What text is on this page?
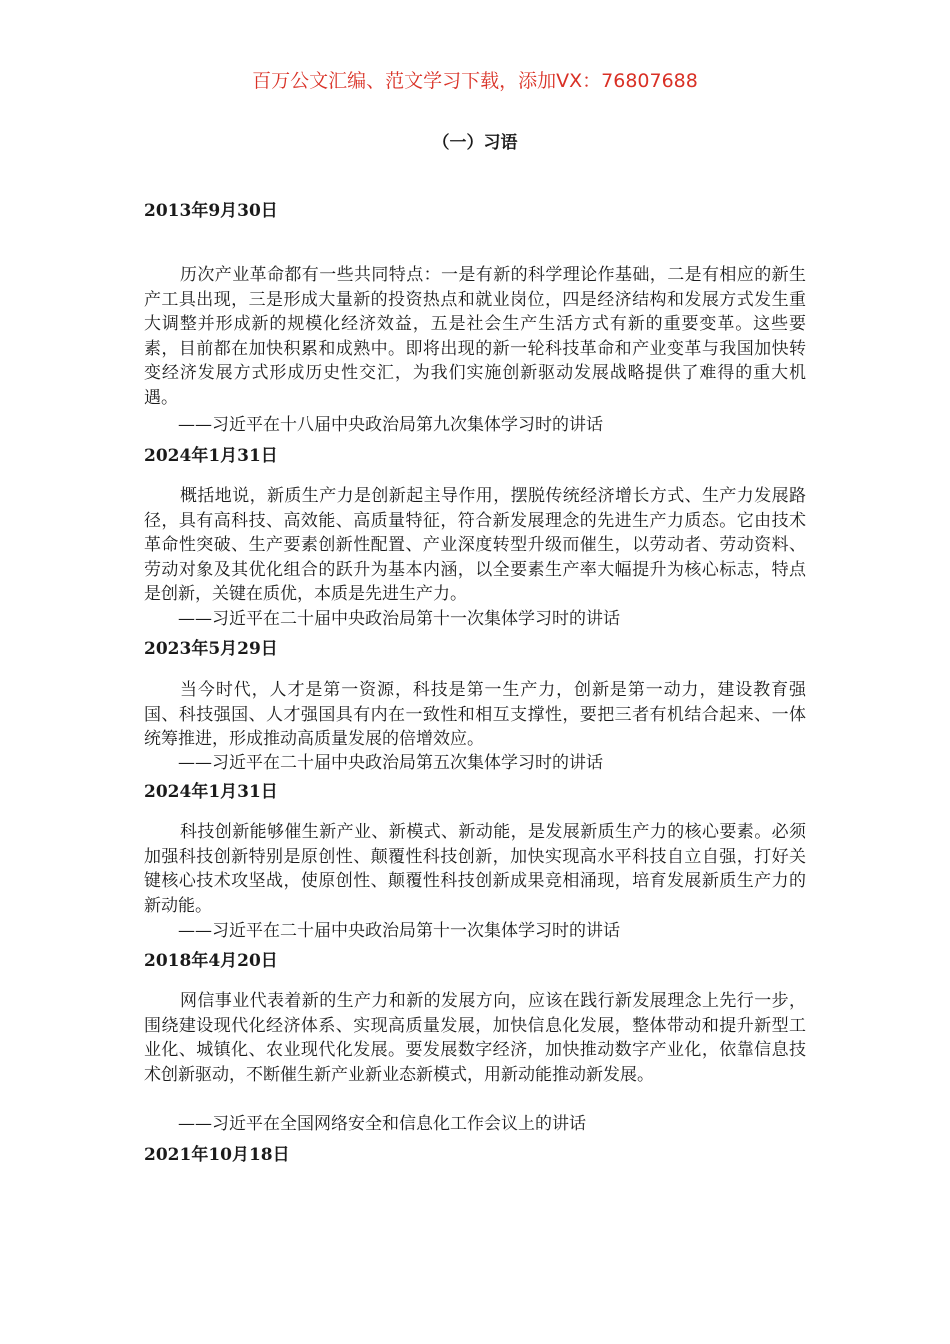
百万公文汇编、范文学习下载，添加VX：76807688
（一）习语
2013年9月30日

历次产业革命都有一些共同特点：一是有新的科学理论作基础，二是有相应的新生产工具出现，三是形成大量新的投资热点和就业岗位，四是经济结构和发展方式发生重大调整并形成新的规模化经济效益，五是社会生产生活方式有新的重要变革。这些要素，目前都在加快积累和成熟中。即将出现的新一轮科技革命和产业变革与我国加快转变经济发展方式形成历史性交汇，为我们实施创新驱动发展战略提供了难得的重大机遇。

——习近平在十八届中央政治局第九次集体学习时的讲话
2024年1月31日

概括地说，新质生产力是创新起主导作用，摆脱传统经济增长方式、生产力发展路径，具有高科技、高效能、高质量特征，符合新发展理念的先进生产力质态。它由技术革命性突破、生产要素创新性配置、产业深度转型升级而催生，以劳动者、劳动资料、劳动对象及其优化组合的跃升为基本内涵，以全要素生产率大幅提升为核心标志，特点是创新，关键在质优，本质是先进生产力。

——习近平在二十届中央政治局第十一次集体学习时的讲话
2023年5月29日

当今时代，人才是第一资源，科技是第一生产力，创新是第一动力，建设教育强国、科技强国、人才强国具有内在一致性和相互支撑性，要把三者有机结合起来、一体统筹推进，形成推动高质量发展的倍增效应。

——习近平在二十届中央政治局第五次集体学习时的讲话
2024年1月31日

科技创新能够催生新产业、新模式、新动能，是发展新质生产力的核心要素。必须加强科技创新特别是原创性、颠覆性科技创新，加快实现高水平科技自立自强，打好关键核心技术攻坚战，使原创性、颠覆性科技创新成果竞相涌现，培育发展新质生产力的新动能。

——习近平在二十届中央政治局第十一次集体学习时的讲话
2018年4月20日

网信事业代表着新的生产力和新的发展方向，应该在践行新发展理念上先行一步，围绕建设现代化经济体系、实现高质量发展，加快信息化发展，整体带动和提升新型工业化、城镇化、农业现代化发展。要发展数字经济，加快推动数字产业化，依靠信息技术创新驱动，不断催生新产业新业态新模式，用新动能推动新发展。

——习近平在全国网络安全和信息化工作会议上的讲话
2021年10月18日
